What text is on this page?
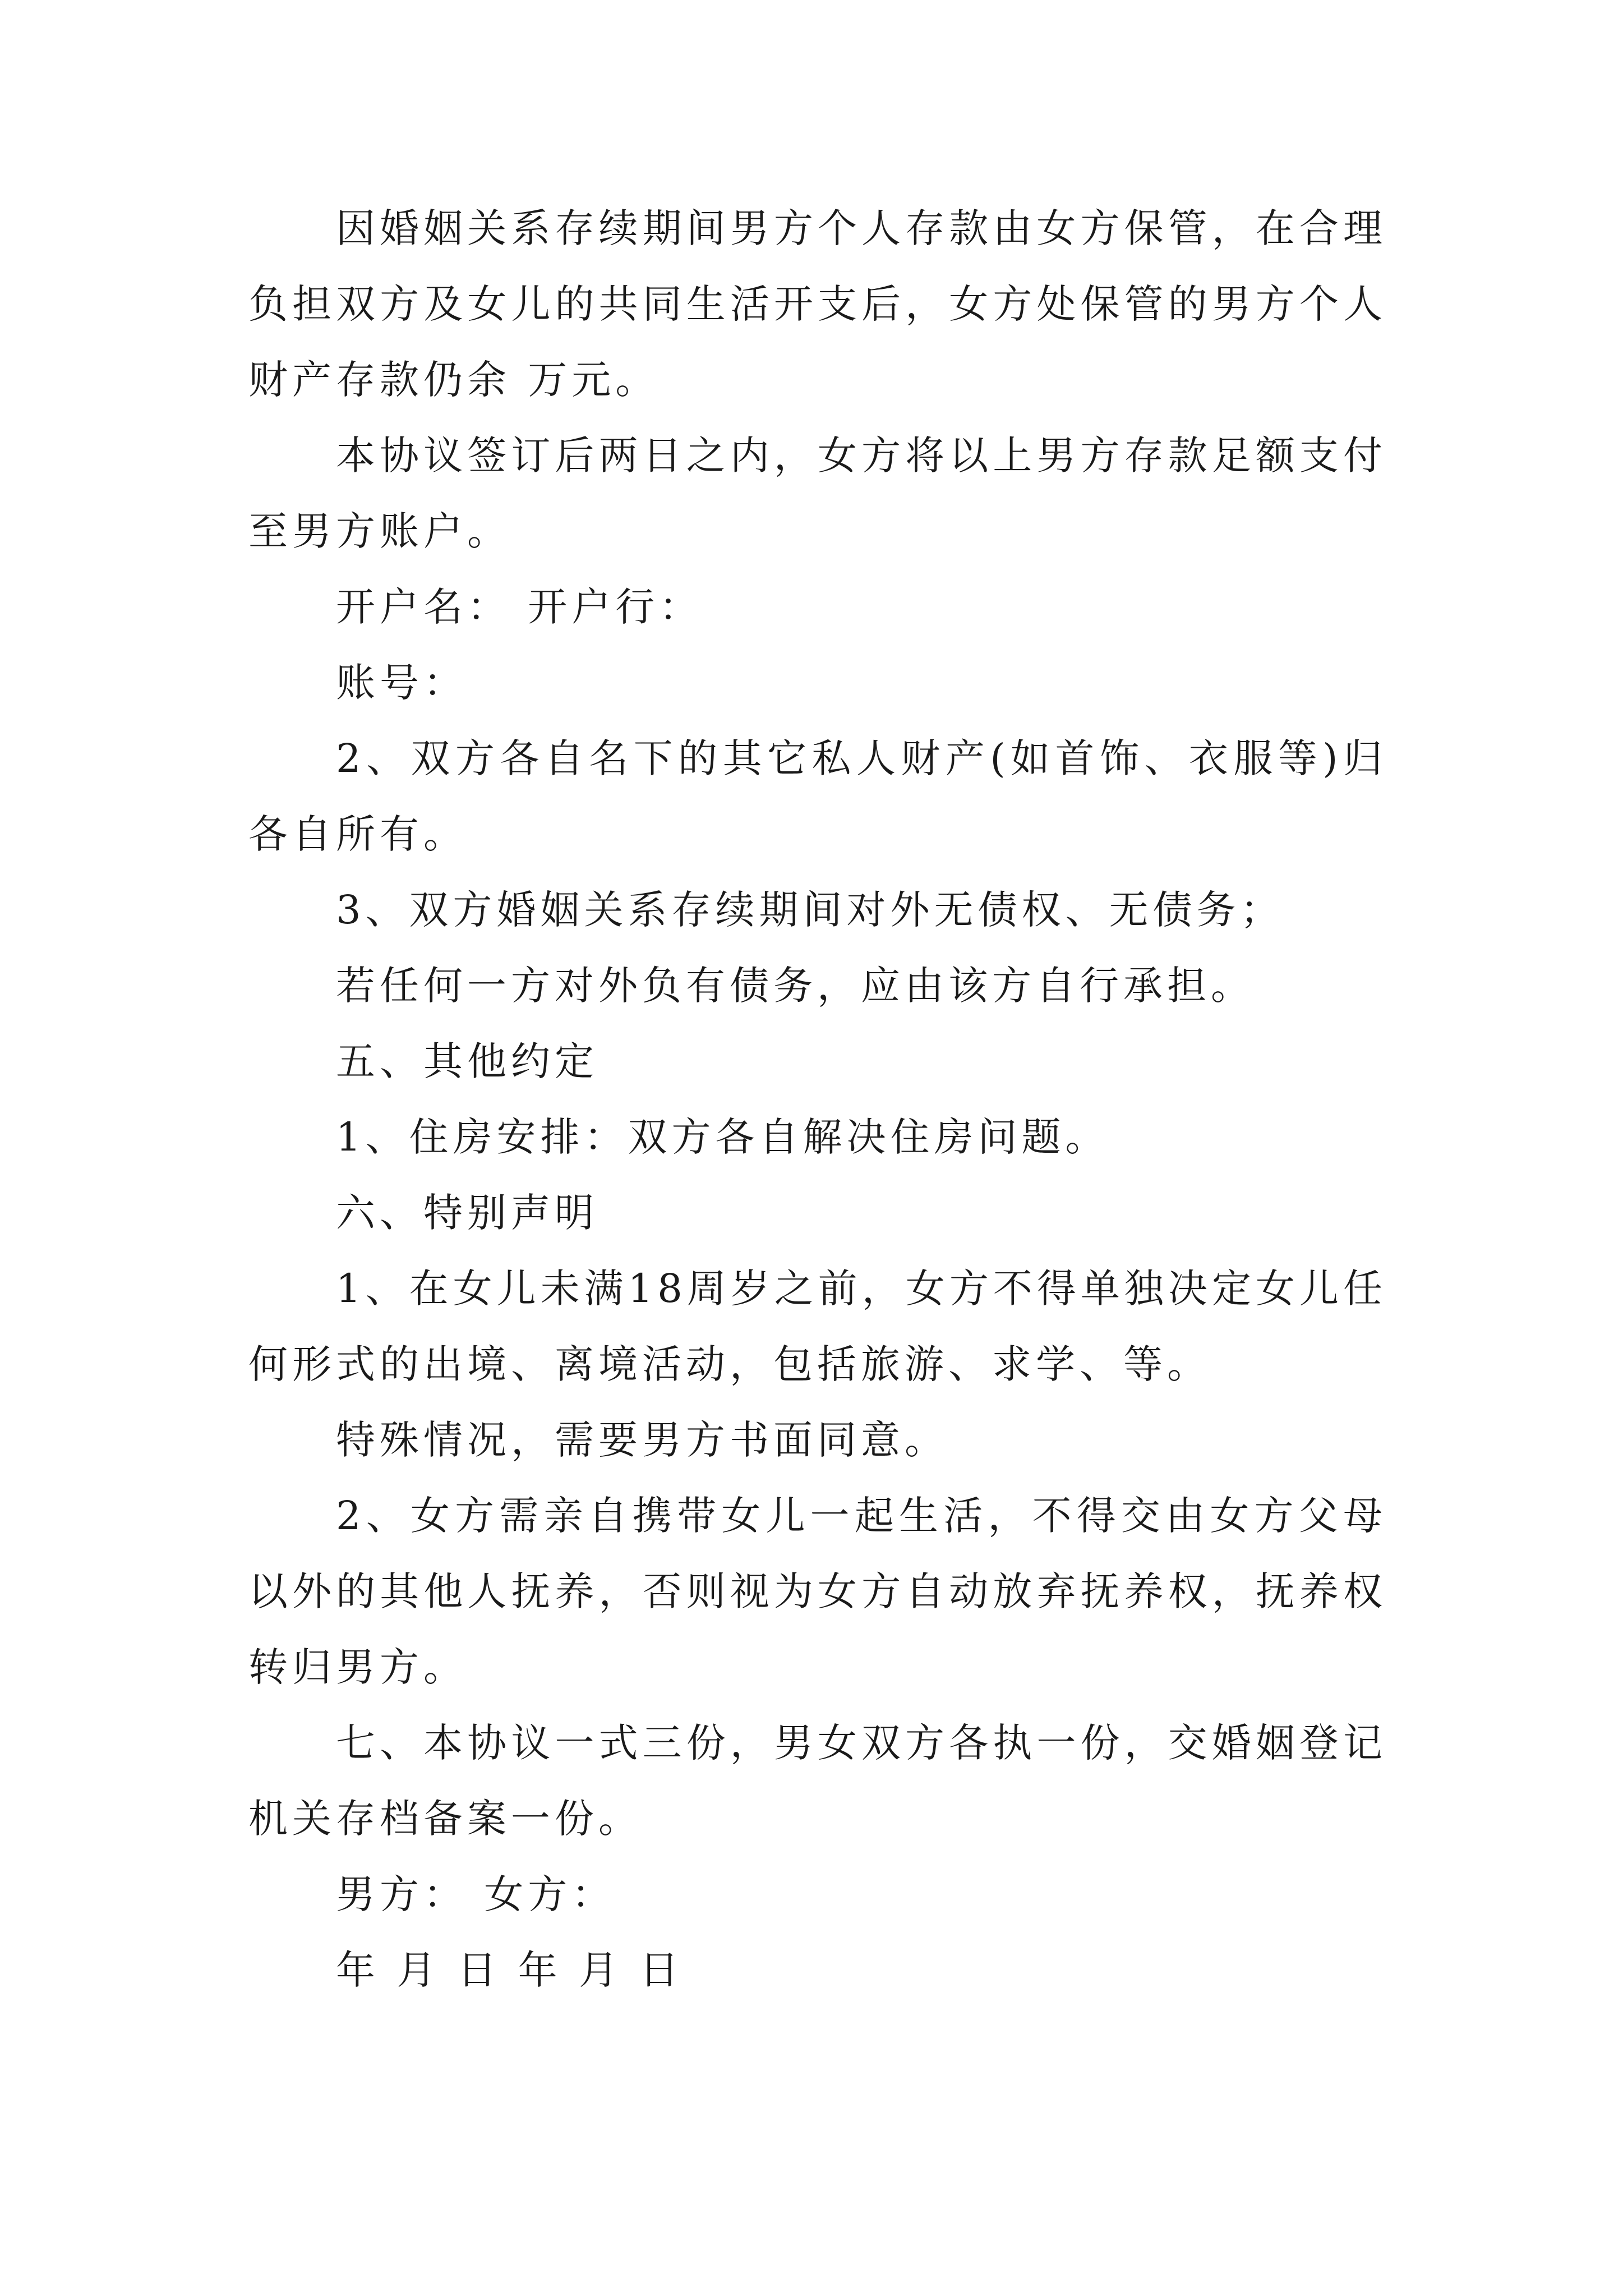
因婚姻关系存续期间男方个人存款由女方保管，在合理负担双方及女儿的共同生活开支后，女方处保管的男方个人财产存款仍余 万元。

本协议签订后两日之内，女方将以上男方存款足额支付至男方账户。

开户名： 开户行：

账号：

2、双方各自名下的其它私人财产(如首饰、衣服等)归各自所有。

3、双方婚姻关系存续期间对外无债权、无债务；

若任何一方对外负有债务，应由该方自行承担。

五、其他约定

1、住房安排：双方各自解决住房问题。

六、特别声明

1、在女儿未满18周岁之前，女方不得单独决定女儿任何形式的出境、离境活动，包括旅游、求学、等。

特殊情况，需要男方书面同意。

2、女方需亲自携带女儿一起生活，不得交由女方父母以外的其他人抚养，否则视为女方自动放弃抚养权，抚养权转归男方。

七、本协议一式三份，男女双方各执一份，交婚姻登记机关存档备案一份。

男方： 女方：

年 月 日 年 月 日
